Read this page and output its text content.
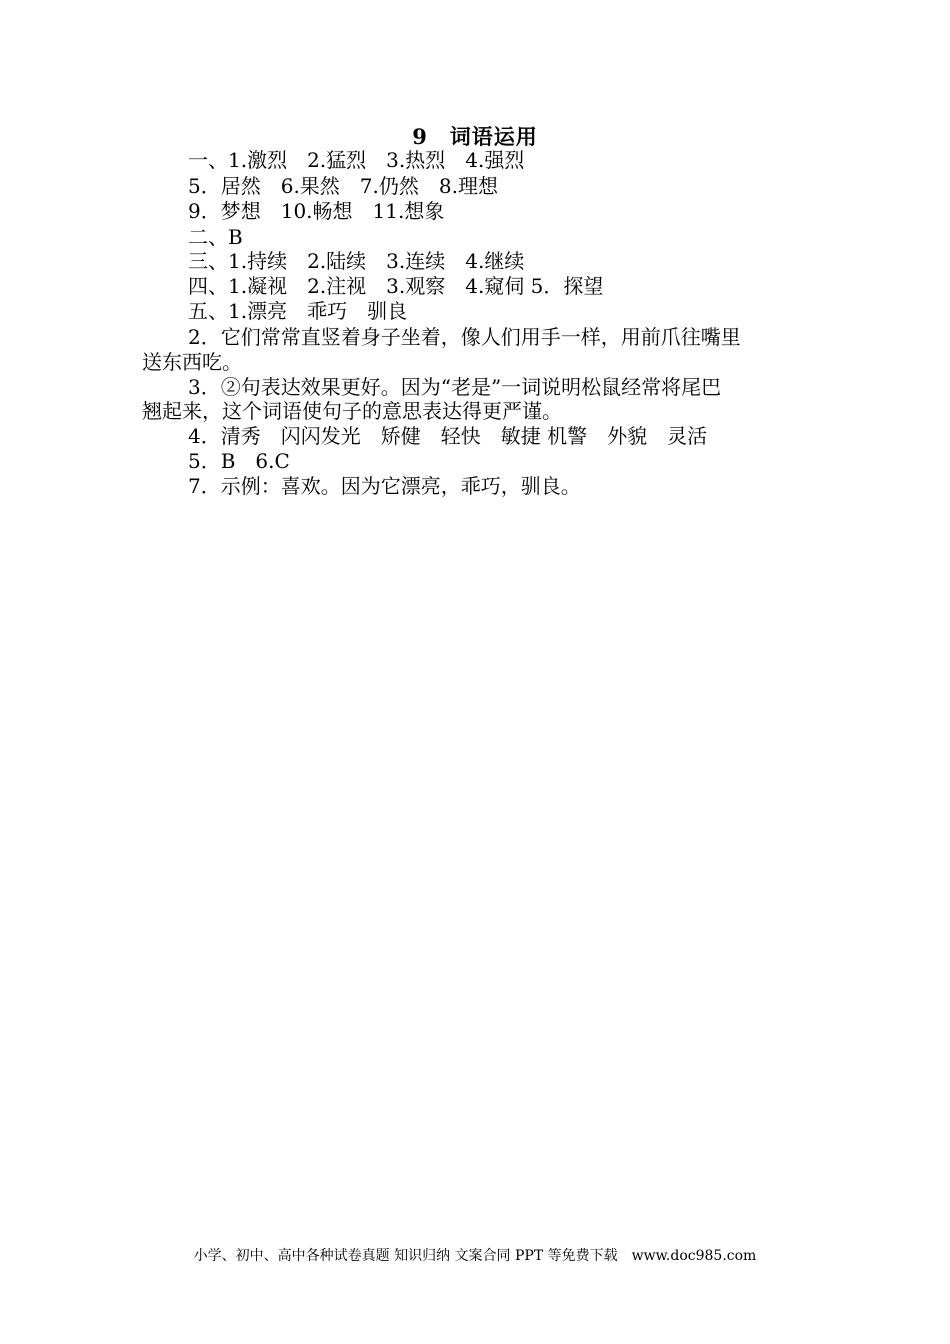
9　词语运用
一、1.激烈　2.猛烈　3.热烈　4.强烈
5．居然　6.果然　7.仍然　8.理想
9．梦想　10.畅想　11.想象
二、B
三、1.持续　2.陆续　3.连续　4.继续
四、1.凝视　2.注视　3.观察　4.窥伺 5．探望
五、1.漂亮　乖巧　驯良
2．它们常常直竖着身子坐着，像人们用手一样，用前爪往嘴里
送东西吃。
3．②句表达效果更好。因为“老是”一词说明松鼠经常将尾巴
翘起来，这个词语使句子的意思表达得更严谨。
4．清秀　闪闪发光　矫健　轻快　敏捷 机警　外貌　灵活
5．B　6.C
7．示例：喜欢。因为它漂亮，乖巧，驯良。
小学、初中、高中各种试卷真题 知识归纳 文案合同 PPT 等免费下载　www.doc985.com
